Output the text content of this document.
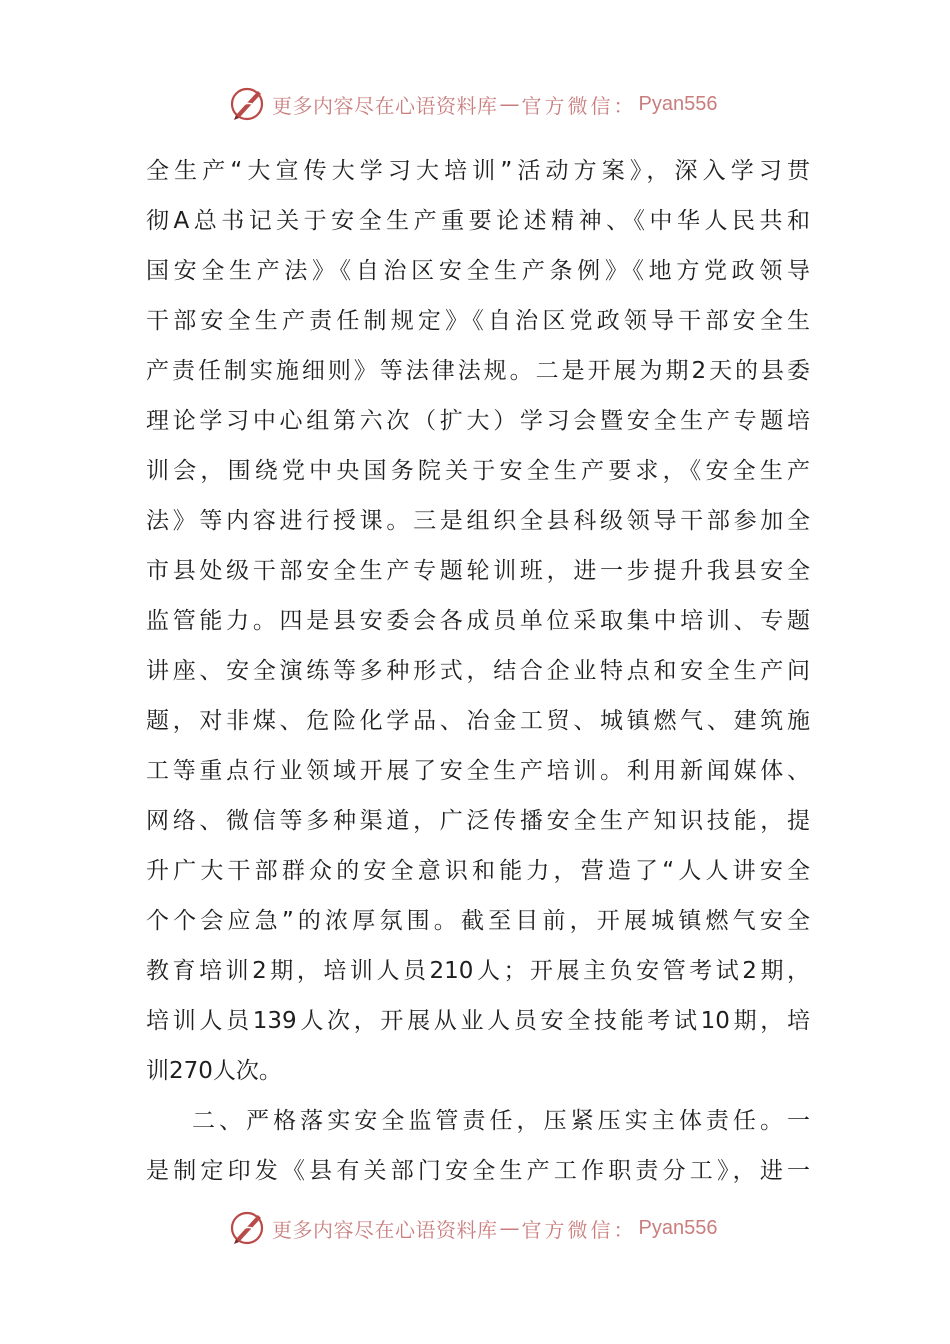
更多内容尽在心语资料库 — 官方微信： Pyan556
全生产“大宣传大学习大培训”活动方案》，深入学习贯
彻A总书记关于安全生产重要论述精神、《中华人民共和
国安全生产法》《自治区安全生产条例》《地方党政领导
干部安全生产责任制规定》《自治区党政领导干部安全生
产责任制实施细则》等法律法规。二是开展为期2天的县委
理论学习中心组第六次（扩大）学习会暨安全生产专题培
训会，围绕党中央国务院关于安全生产要求，《安全生产
法》等内容进行授课。三是组织全县科级领导干部参加全
市县处级干部安全生产专题轮训班，进一步提升我县安全
监管能力。四是县安委会各成员单位采取集中培训、专题
讲座、安全演练等多种形式，结合企业特点和安全生产问
题，对非煤、危险化学品、冶金工贸、城镇燃气、建筑施
工等重点行业领域开展了安全生产培训。利用新闻媒体、
网络、微信等多种渠道，广泛传播安全生产知识技能，提
升广大干部群众的安全意识和能力，营造了“人人讲安全
个个会应急”的浓厚氛围。截至目前，开展城镇燃气安全
教育培训2期，培训人员210人；开展主负安管考试2期，
培训人员139人次，开展从业人员安全技能考试10期，培
训270人次。
二、严格落实安全监管责任，压紧压实主体责任。一
是制定印发《县有关部门安全生产工作职责分工》，进一
更多内容尽在心语资料库 — 官方微信： Pyan556
